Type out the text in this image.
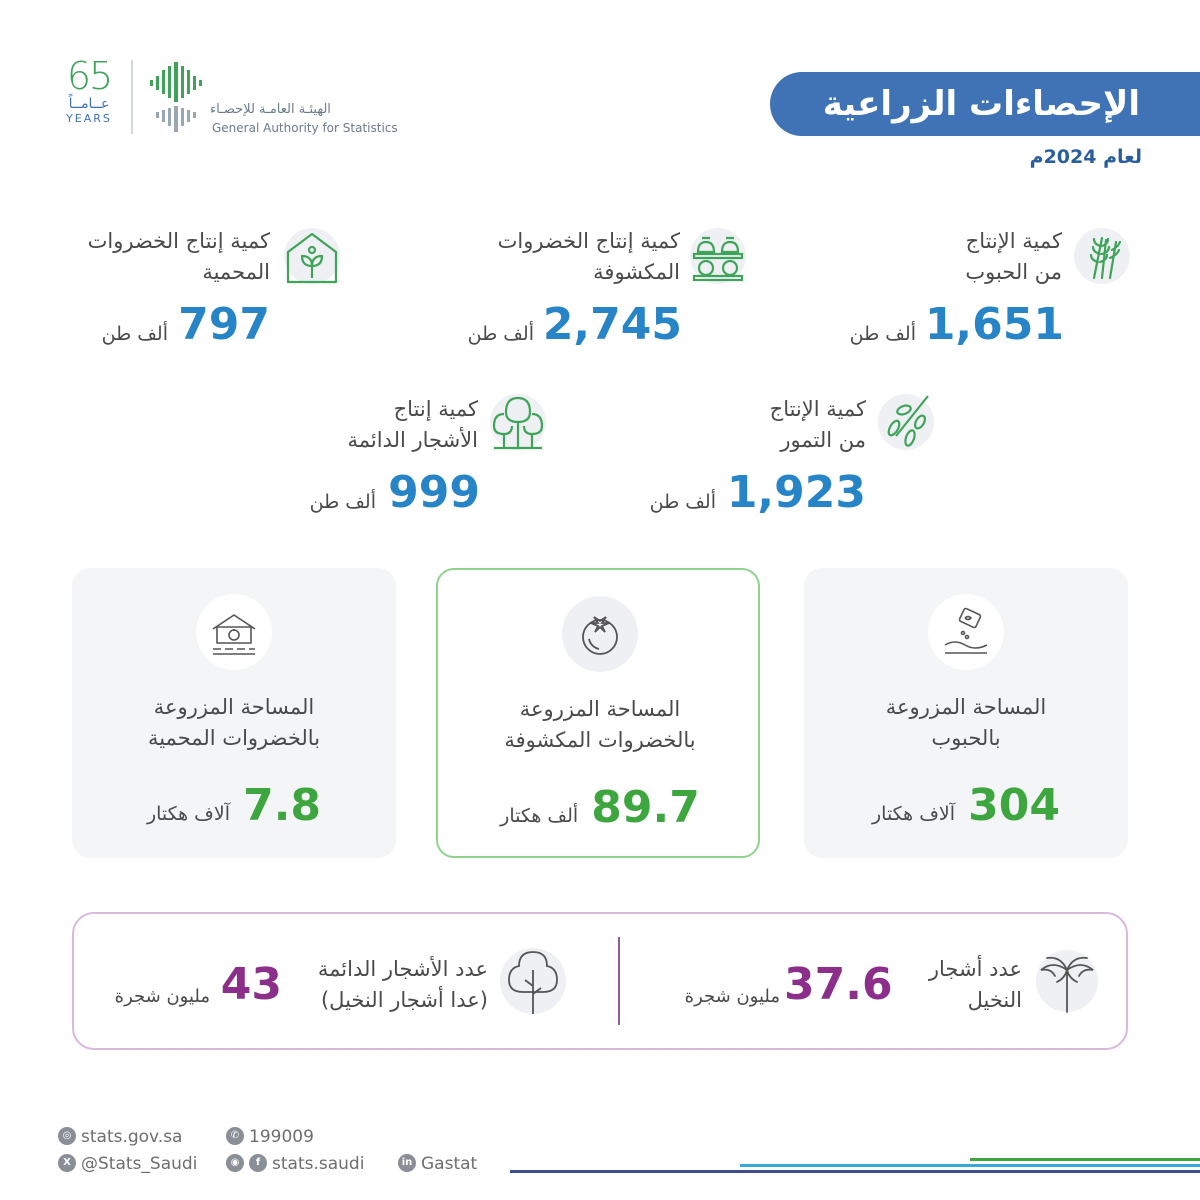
الإحصاءات الزراعية
لعام 2024م
65
عــامــاً
YEARS
الهيئـة العامـة للإحصـاء
General Authority for Statistics
كمية الإنتاج
من الحبوب
1,651
ألف طن
كمية إنتاج الخضروات
المكشوفة
2,745
ألف طن
كمية إنتاج الخضروات
المحمية
797
ألف طن
كمية الإنتاج
من التمور
1,923
ألف طن
كمية إنتاج
الأشجار الدائمة
999
ألف طن
المساحة المزروعة
بالحبوب
304 آلاف هكتار
المساحة المزروعة
بالخضروات المكشوفة
89.7 ألف هكتار
المساحة المزروعة
بالخضروات المحمية
7.8 آلاف هكتار
عدد أشجار
النخيل
37.6
مليون شجرة
عدد الأشجار الدائمة
(عدا أشجار النخيل)
43
مليون شجرة
◎ stats.gov.sa	✆ 199009
X @Stats_Saudi	◉	f stats.saudi	in Gastat
